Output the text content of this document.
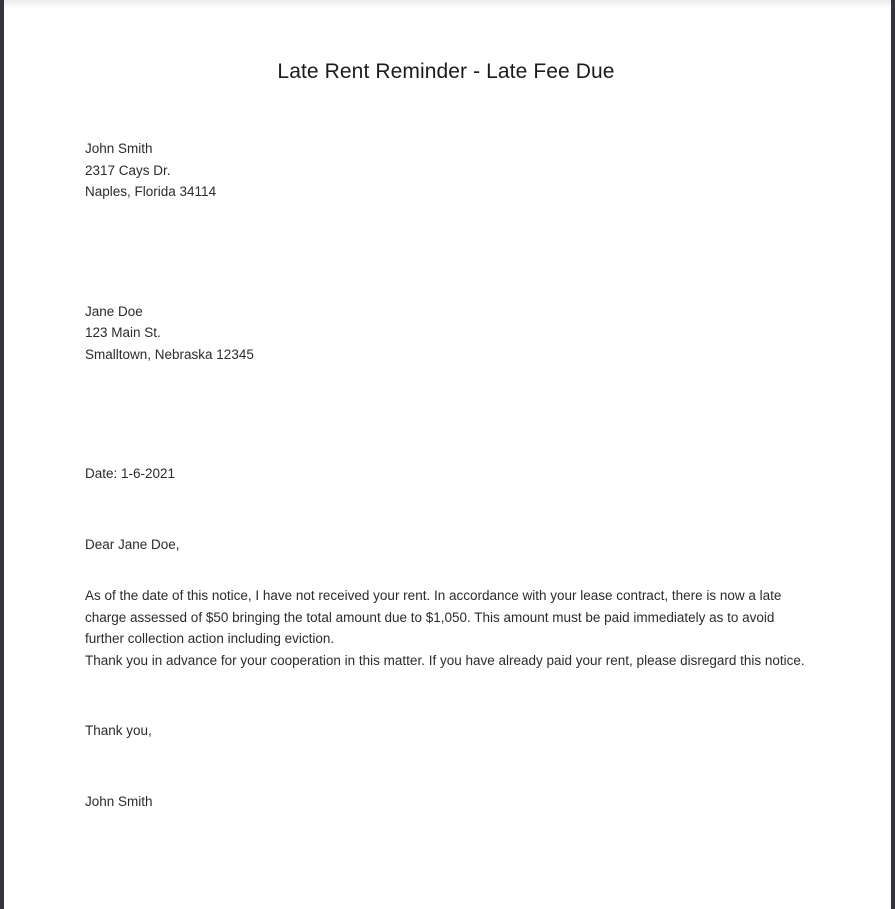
Late Rent Reminder - Late Fee Due
John Smith
2317 Cays Dr.
Naples, Florida 34114
Jane Doe
123 Main St.
Smalltown, Nebraska 12345
Date: 1-6-2021
Dear Jane Doe,

As of the date of this notice, I have not received your rent. In accordance with your lease contract, there is now a late charge assessed of $50 bringing the total amount due to $1,050. This amount must be paid immediately as to avoid further collection action including eviction.

Thank you in advance for your cooperation in this matter. If you have already paid your rent, please disregard this notice.

Thank you,
John Smith
